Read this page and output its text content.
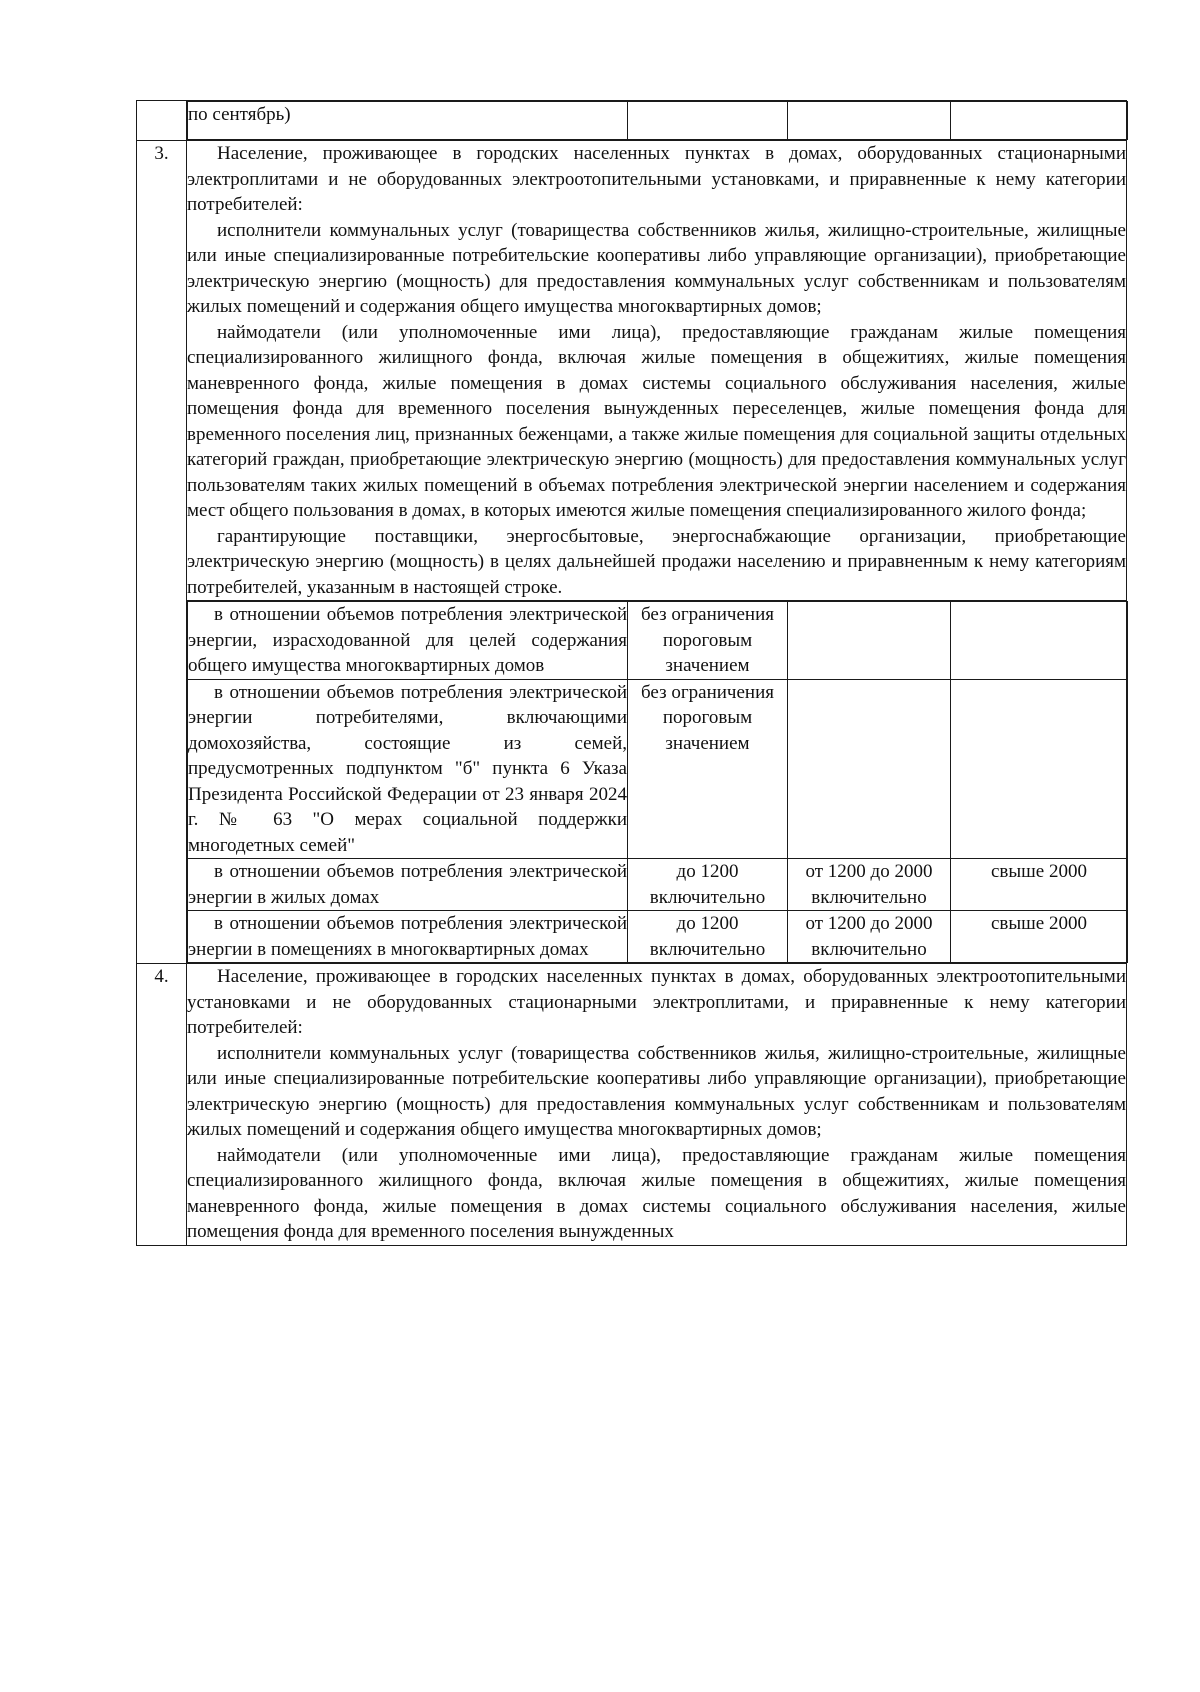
по сентябрь)			

3.	Население, проживающее в городских населенных пунктах в домах, оборудованных стационарными электроплитами и не оборудованных электроотопительными установками, и приравненные к нему категории потребителей:

исполнители коммунальных услуг (товарищества собственников жилья, жилищно-строительные, жилищные или иные специализированные потребительские кооперативы либо управляющие организации), приобретающие электрическую энергию (мощность) для предоставления коммунальных услуг собственникам и пользователям жилых помещений и содержания общего имущества многоквартирных домов;

наймодатели (или уполномоченные ими лица), предоставляющие гражданам жилые помещения специализированного жилищного фонда, включая жилые помещения в общежитиях, жилые помещения маневренного фонда, жилые помещения в домах системы социального обслуживания населения, жилые помещения фонда для временного поселения вынужденных переселенцев, жилые помещения фонда для временного поселения лиц, признанных беженцами, а также жилые помещения для социальной защиты отдельных категорий граждан, приобретающие электрическую энергию (мощность) для предоставления коммунальных услуг пользователям таких жилых помещений в объемах потребления электрической энергии населением и содержания мест общего пользования в домах, в которых имеются жилые помещения специализированного жилого фонда;

гарантирующие поставщики, энергосбытовые, энергоснабжающие организации, приобретающие электрическую энергию (мощность) в целях дальнейшей продажи населению и приравненным к нему категориям потребителей, указанным в настоящей строке.

в отношении объемов потребления электрической энергии, израсходованной для целей содержания общего имущества многоквартирных домов	без ограничения пороговым значением		
в отношении объемов потребления электрической энергии потребителями, включающими домохозяйства, состоящие из семей, предусмотренных подпунктом "б" пункта 6 Указа Президента Российской Федерации от 23 января 2024 г. № 63 "О мерах социальной поддержки многодетных семей"	без ограничения пороговым значением		
в отношении объемов потребления электрической энергии в жилых домах	до 1200 включительно	от 1200 до 2000 включительно	свыше 2000
в отношении объемов потребления электрической энергии в помещениях в многоквартирных домах	до 1200 включительно	от 1200 до 2000 включительно	свыше 2000

4.	Население, проживающее в городских населенных пунктах в домах, оборудованных электроотопительными установками и не оборудованных стационарными электроплитами, и приравненные к нему категории потребителей:

исполнители коммунальных услуг (товарищества собственников жилья, жилищно-строительные, жилищные или иные специализированные потребительские кооперативы либо управляющие организации), приобретающие электрическую энергию (мощность) для предоставления коммунальных услуг собственникам и пользователям жилых помещений и содержания общего имущества многоквартирных домов;

наймодатели (или уполномоченные ими лица), предоставляющие гражданам жилые помещения специализированного жилищного фонда, включая жилые помещения в общежитиях, жилые помещения маневренного фонда, жилые помещения в домах системы социального обслуживания населения, жилые помещения фонда для временного поселения вынужденных
